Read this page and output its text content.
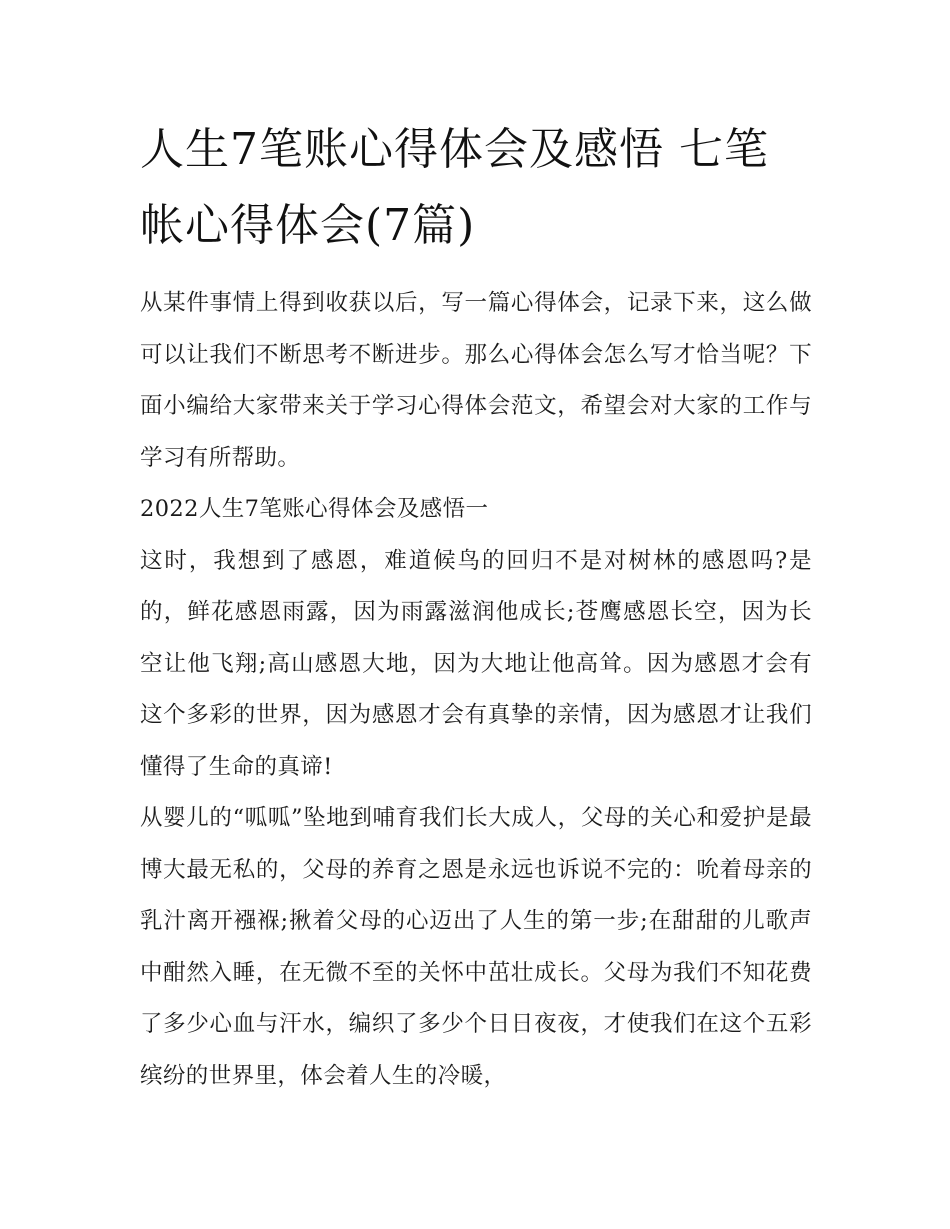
人生7笔账心得体会及感悟 七笔帐心得体会(7篇)

从某件事情上得到收获以后，写一篇心得体会，记录下来，这么做可以让我们不断思考不断进步。那么心得体会怎么写才恰当呢？下面小编给大家带来关于学习心得体会范文，希望会对大家的工作与学习有所帮助。

2022人生7笔账心得体会及感悟一

这时，我想到了感恩，难道候鸟的回归不是对树林的感恩吗?是的，鲜花感恩雨露，因为雨露滋润他成长;苍鹰感恩长空，因为长空让他飞翔;高山感恩大地，因为大地让他高耸。因为感恩才会有这个多彩的世界，因为感恩才会有真挚的亲情，因为感恩才让我们懂得了生命的真谛!

从婴儿的“呱呱”坠地到哺育我们长大成人，父母的关心和爱护是最博大最无私的，父母的养育之恩是永远也诉说不完的：吮着母亲的乳汁离开襁褓;揪着父母的心迈出了人生的第一步;在甜甜的儿歌声中酣然入睡，在无微不至的关怀中茁壮成长。父母为我们不知花费了多少心血与汗水，编织了多少个日日夜夜，才使我们在这个五彩缤纷的世界里，体会着人生的冷暖，
